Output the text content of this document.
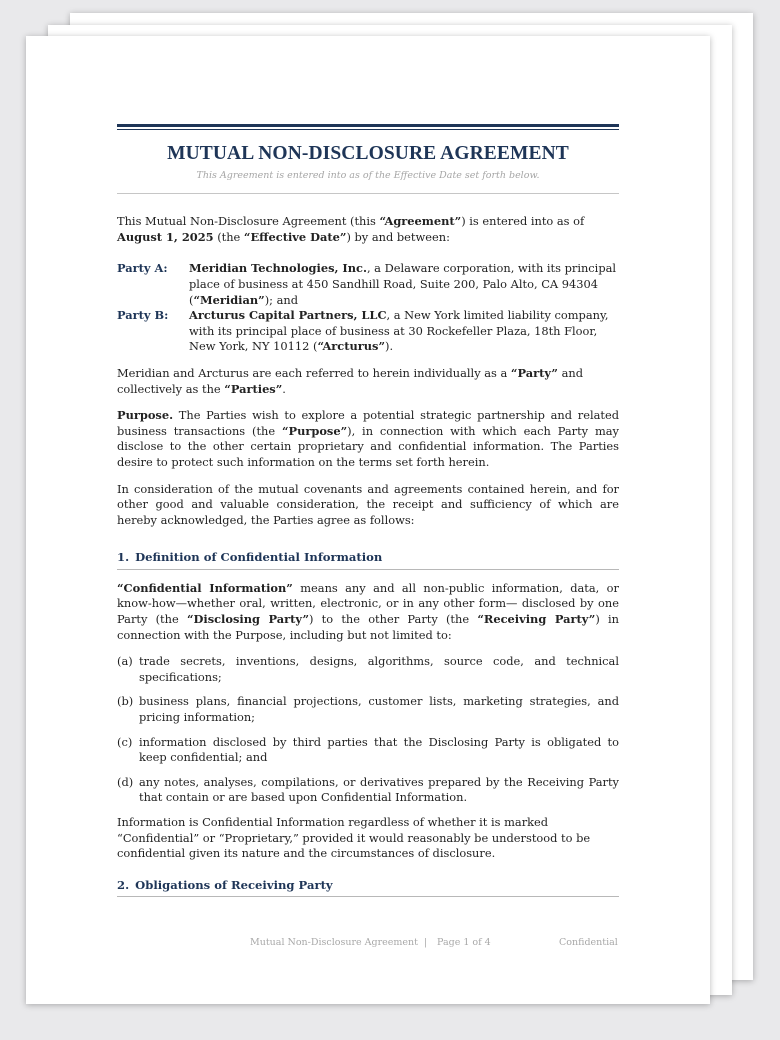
MUTUAL NON-DISCLOSURE AGREEMENT
This Agreement is entered into as of the Effective Date set forth below.

This Mutual Non-Disclosure Agreement (this “Agreement”) is entered into as of August 1, 2025 (the “Effective Date”) by and between:

Party A:	Meridian Technologies, Inc., a Delaware corporation, with its principal place of business at 450 Sandhill Road, Suite 200, Palo Alto, CA 94304 (“Meridian”); and
Party B:	Arcturus Capital Partners, LLC, a New York limited liability company, with its principal place of business at 30 Rockefeller Plaza, 18th Floor, New York, NY 10112 (“Arcturus”).

Meridian and Arcturus are each referred to herein individually as a “Party” and collectively as the “Parties”.

Purpose. The Parties wish to explore a potential strategic partnership and related business transactions (the “Purpose”), in connection with which each Party may disclose to the other certain proprietary and confidential information. The Parties desire to protect such information on the terms set forth herein.

In consideration of the mutual covenants and agreements contained herein, and for other good and valuable consideration, the receipt and sufficiency of which are hereby acknowledged, the Parties agree as follows:

1. Definition of Confidential Information

“Confidential Information” means any and all non-public information, data, or know-how—whether oral, written, electronic, or in any other form— disclosed by one Party (the “Disclosing Party”) to the other Party (the “Receiving Party”) in connection with the Purpose, including but not limited to:

(a) trade secrets, inventions, designs, algorithms, source code, and technical specifications;
(b) business plans, financial projections, customer lists, marketing strategies, and pricing information;
(c) information disclosed by third parties that the Disclosing Party is obligated to keep confidential; and
(d) any notes, analyses, compilations, or derivatives prepared by the Receiving Party that contain or are based upon Confidential Information.

Information is Confidential Information regardless of whether it is marked “Confidential” or “Proprietary,” provided it would reasonably be understood to be confidential given its nature and the circumstances of disclosure.

2. Obligations of Receiving Party
Mutual Non-Disclosure Agreement | Page 1 of 4	Confidential
